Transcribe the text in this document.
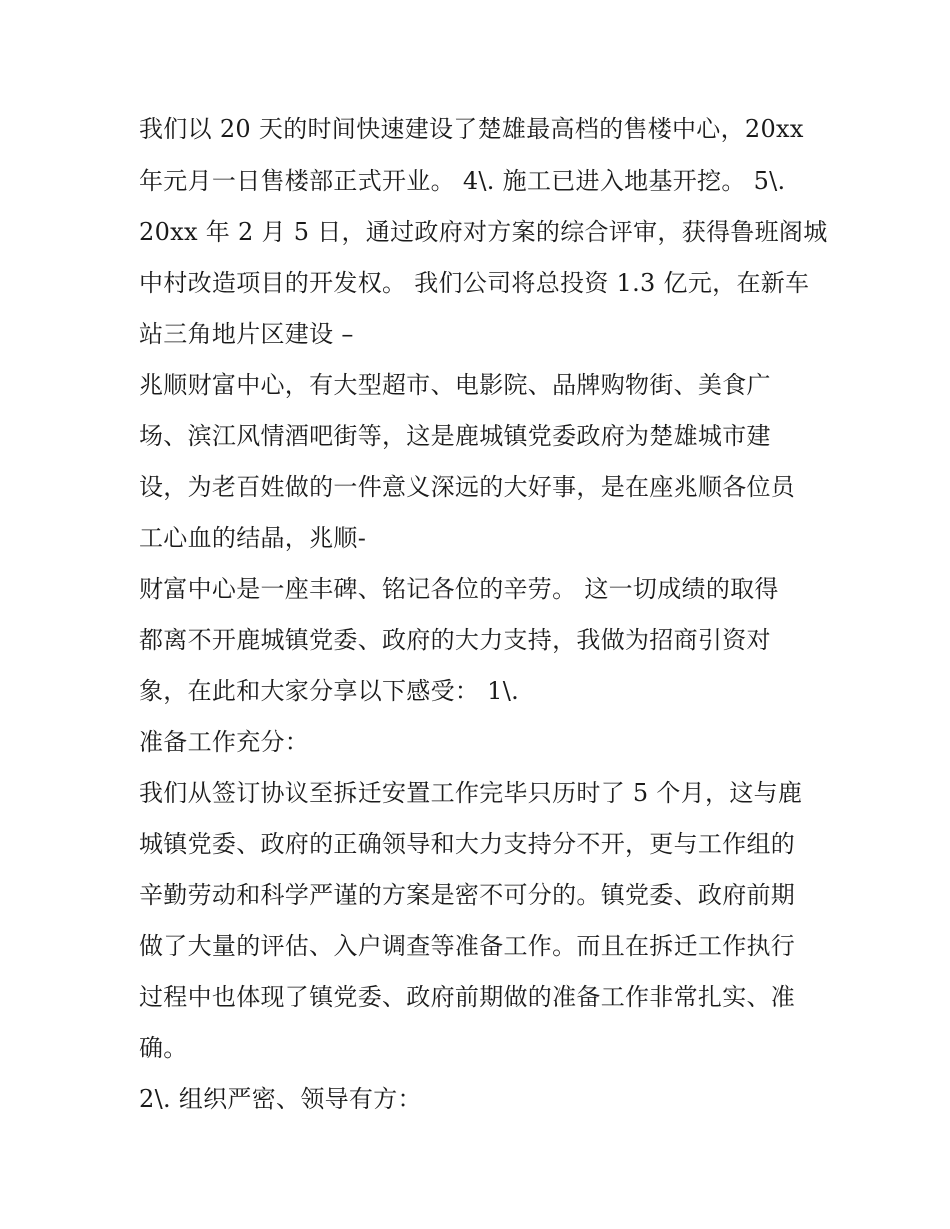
我们以 20 天的时间快速建设了楚雄最高档的售楼中心，20xx
年元月一日售楼部正式开业。 4\. 施工已进入地基开挖。 5\.
20xx 年 2 月 5 日，通过政府对方案的综合评审，获得鲁班阁城
中村改造项目的开发权。 我们公司将总投资 1.3 亿元，在新车
站三角地片区建设 –
兆顺财富中心，有大型超市、电影院、品牌购物街、美食广
场、滨江风情酒吧街等，这是鹿城镇党委政府为楚雄城市建
设，为老百姓做的一件意义深远的大好事，是在座兆顺各位员
工心血的结晶，兆顺-
财富中心是一座丰碑、铭记各位的辛劳。 这一切成绩的取得
都离不开鹿城镇党委、政府的大力支持，我做为招商引资对
象，在此和大家分享以下感受： 1\.
准备工作充分：
我们从签订协议至拆迁安置工作完毕只历时了 5 个月，这与鹿
城镇党委、政府的正确领导和大力支持分不开，更与工作组的
辛勤劳动和科学严谨的方案是密不可分的。镇党委、政府前期
做了大量的评估、入户调查等准备工作。而且在拆迁工作执行
过程中也体现了镇党委、政府前期做的准备工作非常扎实、准
确。
2\. 组织严密、领导有方：
